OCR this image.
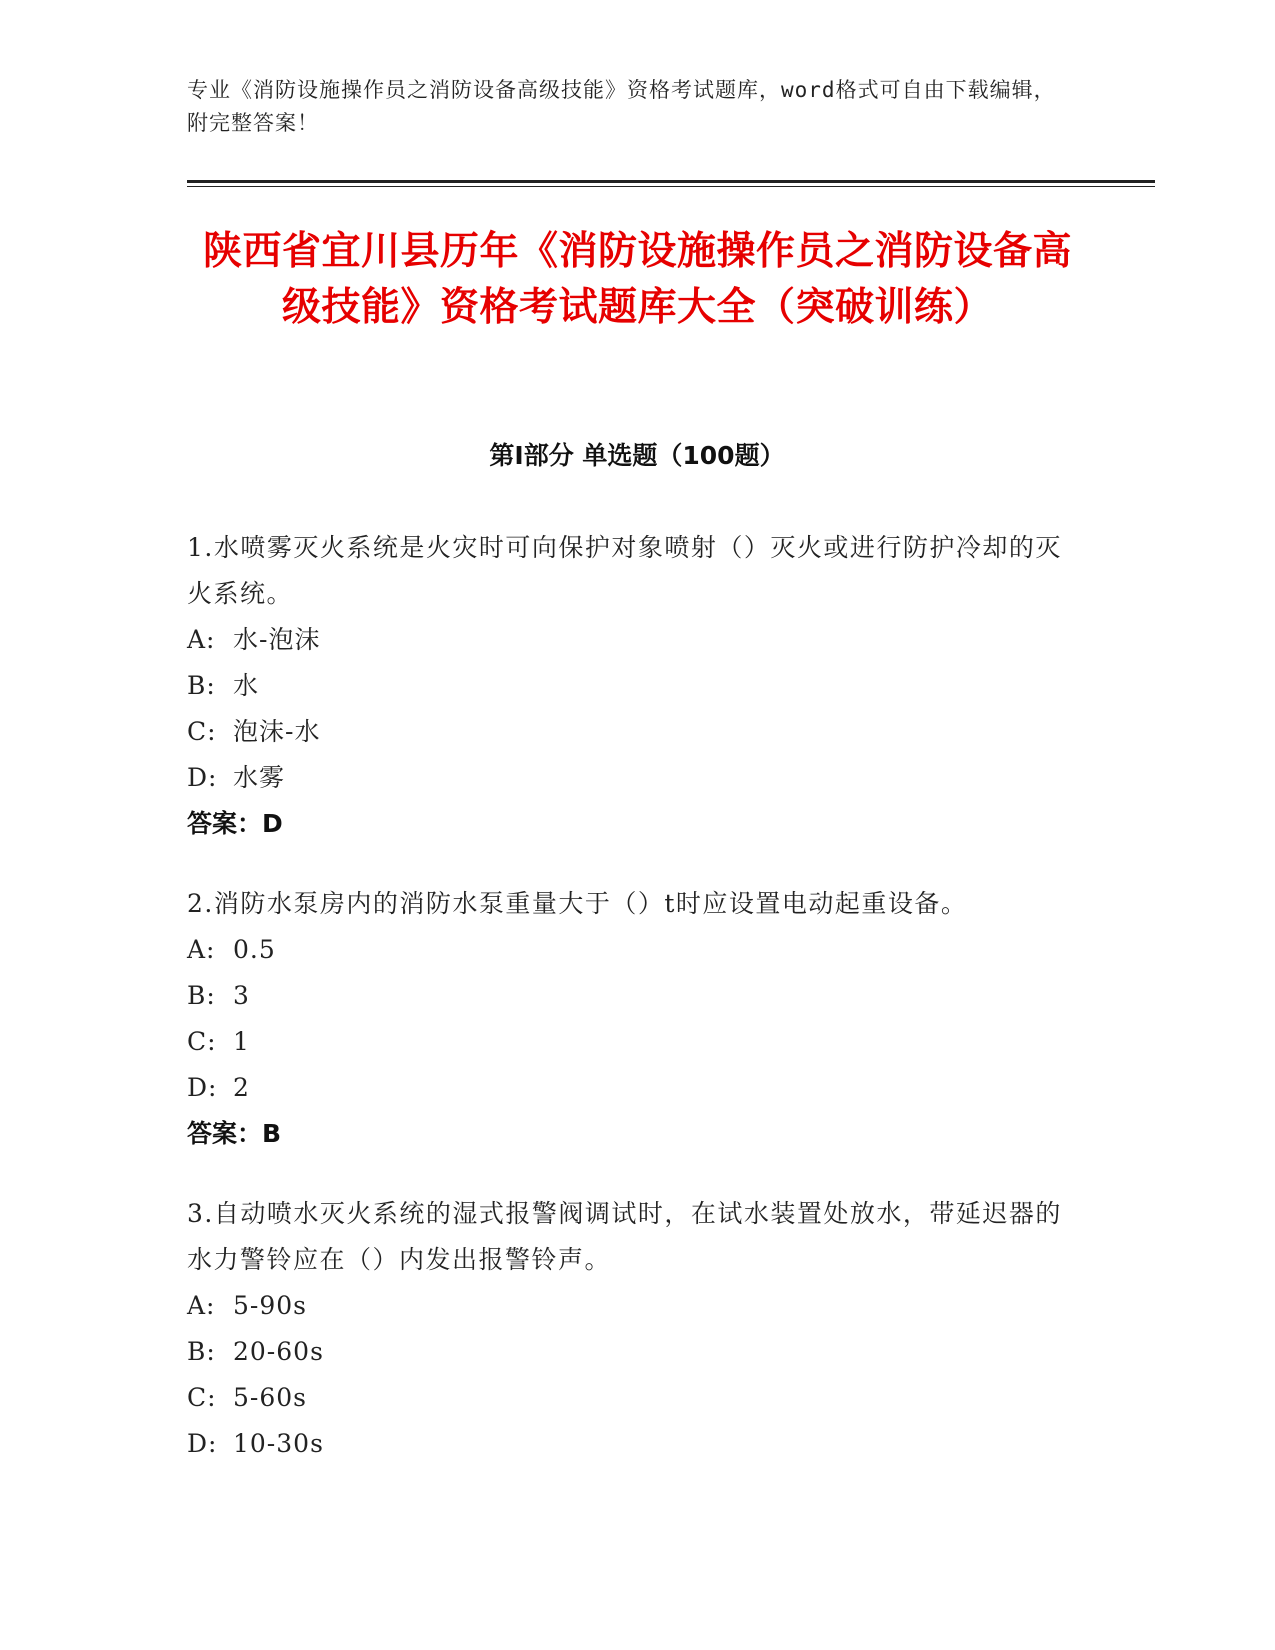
专业《消防设施操作员之消防设备高级技能》资格考试题库，word格式可自由下载编辑，附完整答案！
陕西省宜川县历年《消防设施操作员之消防设备高级技能》资格考试题库大全（突破训练）
第Ⅰ部分 单选题（100题）
1.水喷雾灭火系统是火灾时可向保护对象喷射（）灭火或进行防护冷却的灭火系统。
A: 水-泡沫
B: 水
C: 泡沫-水
D: 水雾
答案：D
2.消防水泵房内的消防水泵重量大于（）t时应设置电动起重设备。
A: 0.5
B: 3
C: 1
D: 2
答案：B
3.自动喷水灭火系统的湿式报警阀调试时，在试水装置处放水，带延迟器的水力警铃应在（）内发出报警铃声。
A: 5-90s
B: 20-60s
C: 5-60s
D: 10-30s
